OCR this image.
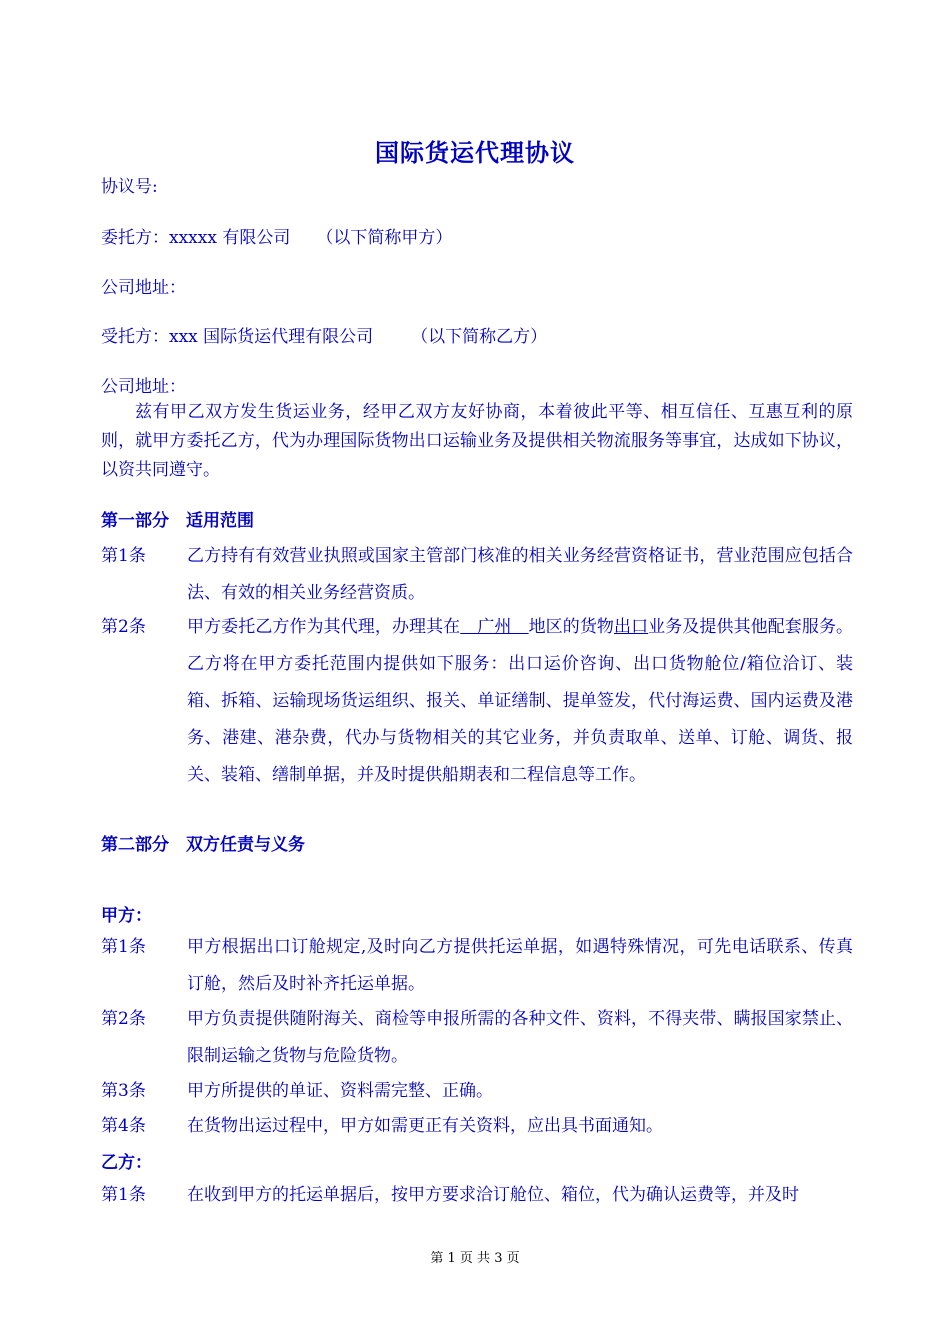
国际货运代理协议
协议号:
委托方：xxxxx 有限公司 （以下简称甲方）
公司地址：
受托方：xxx 国际货运代理有限公司 （以下简称乙方）
公司地址：
兹有甲乙双方发生货运业务，经甲乙双方友好协商，本着彼此平等、相互信任、互惠互利的原则，就甲方委托乙方，代为办理国际货物出口运输业务及提供相关物流服务等事宜，达成如下协议，以资共同遵守。
第一部分　适用范围
第1条 乙方持有有效营业执照或国家主管部门核准的相关业务经营资格证书，营业范围应包括合法、有效的相关业务经营资质。
第2条 甲方委托乙方作为其代理，办理其在　广州　地区的货物出口业务及提供其他配套服务。乙方将在甲方委托范围内提供如下服务：出口运价咨询、出口货物舱位/箱位洽订、装箱、拆箱、运输现场货运组织、报关、单证缮制、提单签发，代付海运费、国内运费及港务、港建、港杂费，代办与货物相关的其它业务，并负责取单、送单、订舱、调货、报关、装箱、缮制单据，并及时提供船期表和二程信息等工作。
第二部分　双方任责与义务
甲方：
第1条 甲方根据出口订舱规定,及时向乙方提供托运单据，如遇特殊情况，可先电话联系、传真订舱，然后及时补齐托运单据。
第2条 甲方负责提供随附海关、商检等申报所需的各种文件、资料，不得夹带、瞒报国家禁止、限制运输之货物与危险货物。
第3条 甲方所提供的单证、资料需完整、正确。
第4条 在货物出运过程中，甲方如需更正有关资料，应出具书面通知。
乙方：
第1条 在收到甲方的托运单据后，按甲方要求洽订舱位、箱位，代为确认运费等，并及时
第 1 页 共 3 页
